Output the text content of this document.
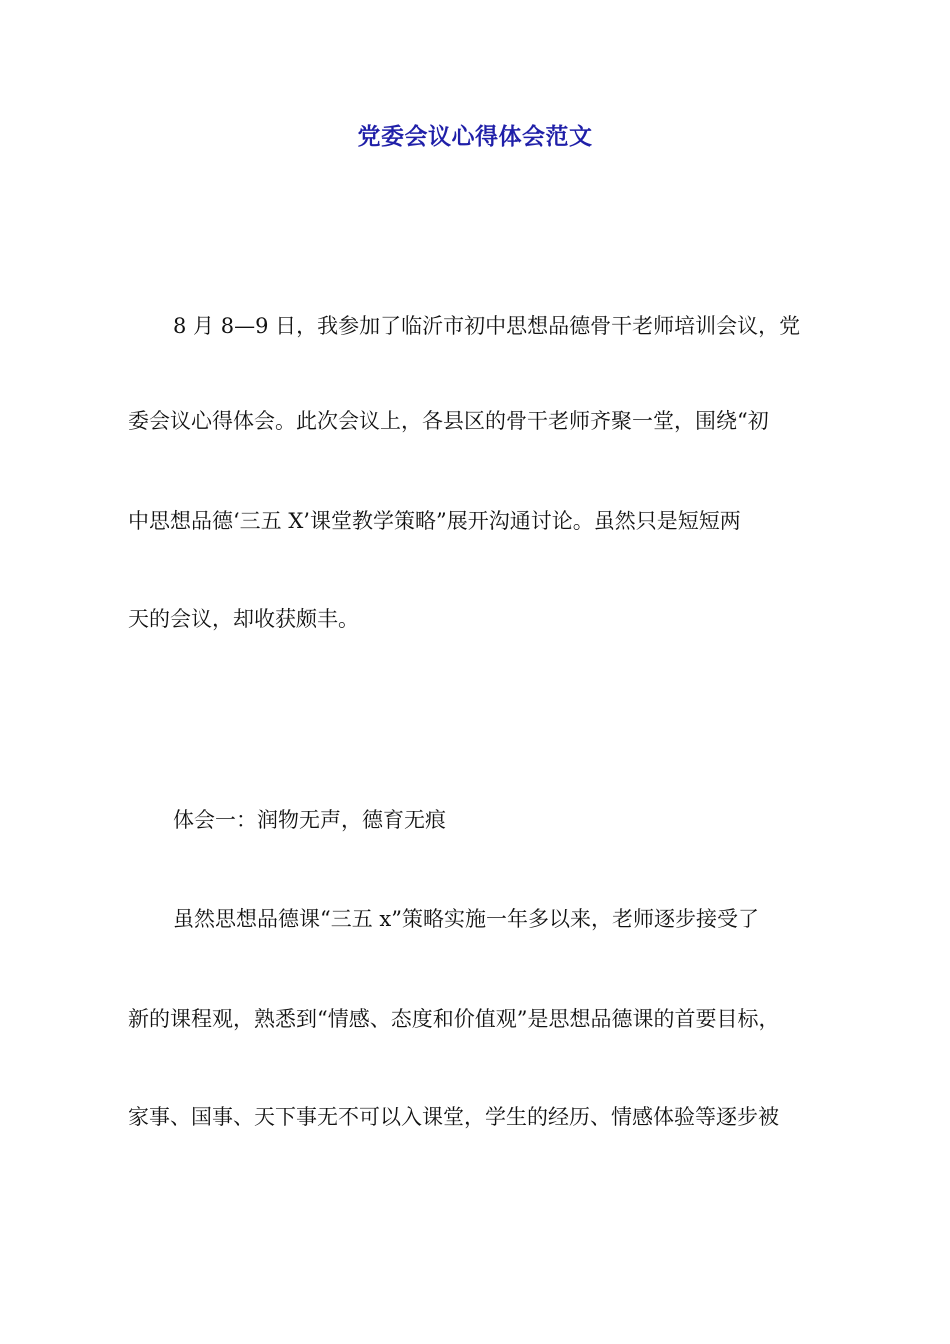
党委会议心得体会范文
8 月 8—9 日，我参加了临沂市初中思想品德骨干老师培训会议，党
委会议心得体会。此次会议上，各县区的骨干老师齐聚一堂，围绕“初
中思想品德‘三五 X’课堂教学策略”展开沟通讨论。虽然只是短短两
天的会议，却收获颇丰。
体会一：润物无声，德育无痕
虽然思想品德课“三五 x”策略实施一年多以来，老师逐步接受了
新的课程观，熟悉到“情感、态度和价值观”是思想品德课的首要目标，
家事、国事、天下事无不可以入课堂，学生的经历、情感体验等逐步被
